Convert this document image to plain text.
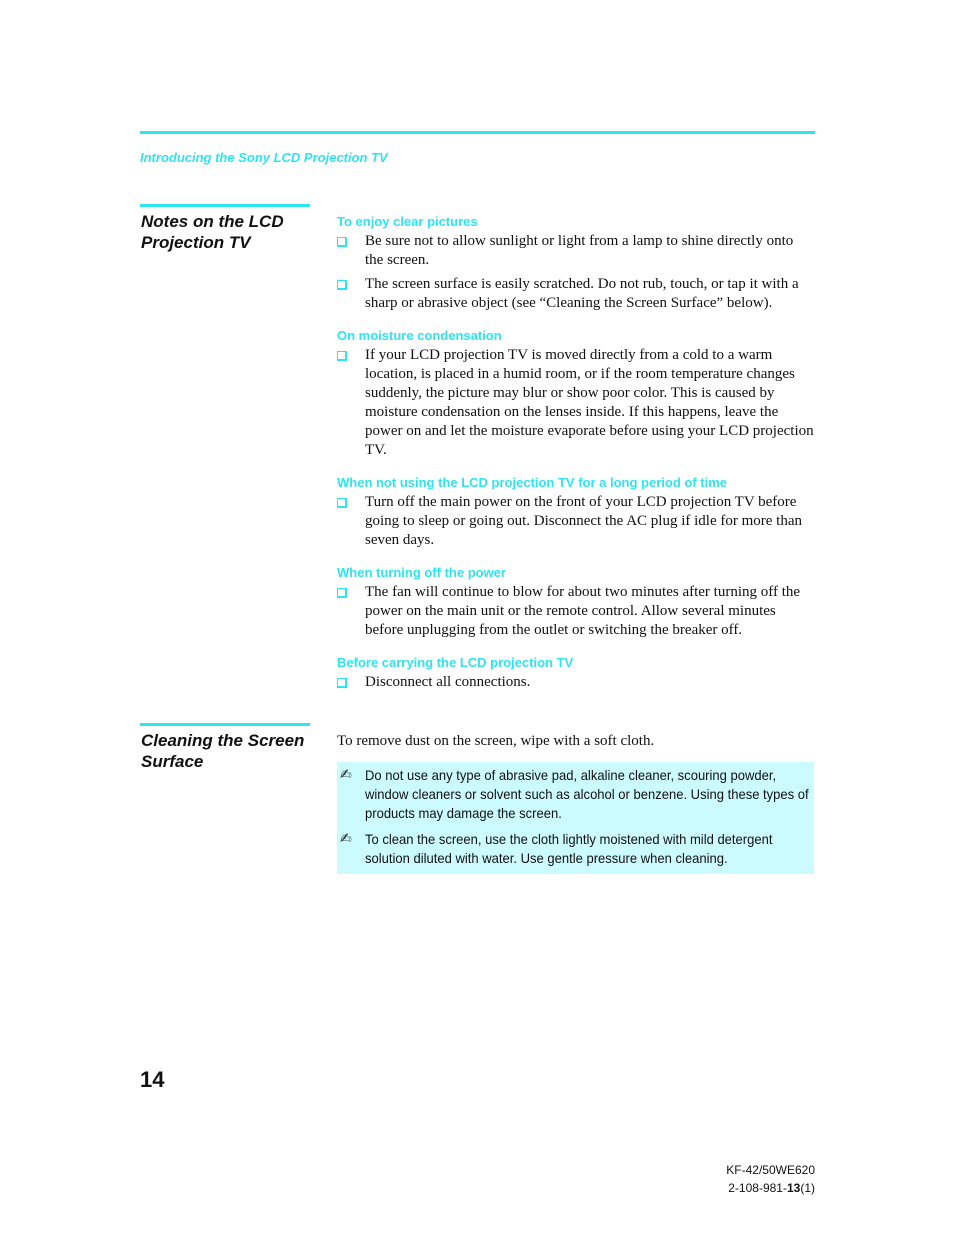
Introducing the Sony LCD Projection TV
Notes on the LCD
Projection TV

To enjoy clear pictures

Be sure not to allow sunlight or light from a lamp to shine directly onto the screen.
The screen surface is easily scratched. Do not rub, touch, or tap it with a sharp or abrasive object (see “Cleaning the Screen Surface” below).

On moisture condensation

If your LCD projection TV is moved directly from a cold to a warm location, is placed in a humid room, or if the room temperature changes suddenly, the picture may blur or show poor color. This is caused by moisture condensation on the lenses inside. If this happens, leave the power on and let the moisture evaporate before using your LCD projection TV.

When not using the LCD projection TV for a long period of time

Turn off the main power on the front of your LCD projection TV before going to sleep or going out. Disconnect the AC plug if idle for more than seven days.

When turning off the power

The fan will continue to blow for about two minutes after turning off the power on the main unit or the remote control. Allow several minutes before unplugging from the outlet or switching the breaker off.

Before carrying the LCD projection TV

Disconnect all connections.
Cleaning the Screen
Surface
To remove dust on the screen, wipe with a soft cloth.
✍ Do not use any type of abrasive pad, alkaline cleaner, scouring powder, window cleaners or solvent such as alcohol or benzene. Using these types of products may damage the screen.
✍ To clean the screen, use the cloth lightly moistened with mild detergent solution diluted with water. Use gentle pressure when cleaning.
14
KF-42/50WE620
2-108-981-13(1)
